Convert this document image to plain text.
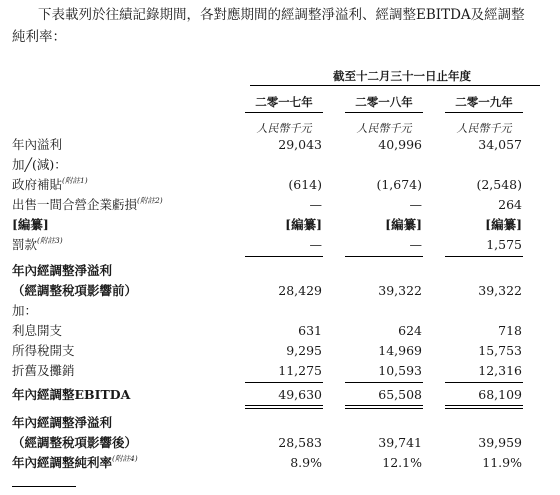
下表載列於往績記錄期間，各對應期間的經調整淨溢利、經調整EBITDA及經調整
純利率：
截至十二月三十一日止年度
二零一七年	二零一八年	二零一九年
人民幣千元	人民幣千元	人民幣千元
年內溢利	29,043	40,996	34,057
加╱(減)：
政府補貼$^{(附註1)}$	(614)	(1,674)	(2,548)
出售一間合營企業虧損$^{(附註2)}$	—	—	264
[編纂]	[編纂]	[編纂]	[編纂]
罰款$^{(附註3)}$	—	—	1,575
年內經調整淨溢利
（經調整稅項影響前）	28,429	39,322	39,322
加：
利息開支	631	624	718
所得稅開支	9,295	14,969	15,753
折舊及攤銷	11,275	10,593	12,316
年內經調整EBITDA	49,630	65,508	68,109
年內經調整淨溢利
（經調整稅項影響後）	28,583	39,741	39,959
年內經調整純利率$^{(附註4)}$	8.9%	12.1%	11.9%
